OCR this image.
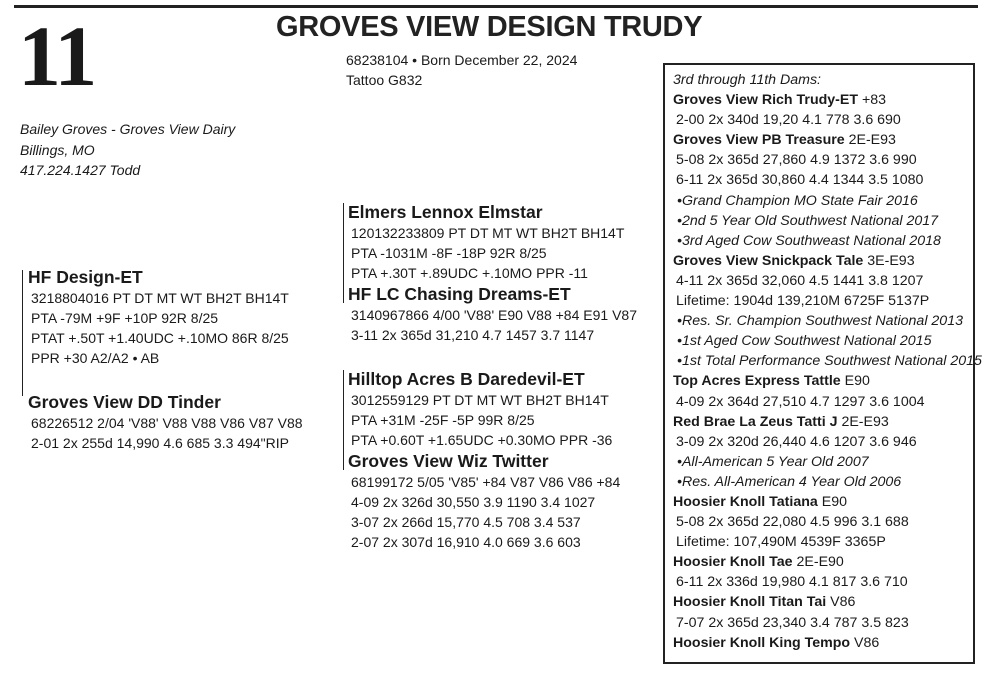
11	GROVES VIEW DESIGN TRUDY
68238104 • Born December 22, 2024
Tattoo G832
Bailey Groves - Groves View Dairy
Billings, MO
417.224.1427 Todd
HF Design-ET
3218804016 PT DT MT WT BH2T BH14T
PTA -79M +9F +10P 92R 8/25
PTAT +.50T +1.40UDC +.10MO 86R 8/25
PPR +30 A2/A2 • AB
Groves View DD Tinder
68226512 2/04 'V88' V88 V88 V86 V87 V88
2-01 2x 255d 14,990 4.6 685 3.3 494"RIP
Elmers Lennox Elmstar
120132233809 PT DT MT WT BH2T BH14T
PTA -1031M -8F -18P 92R 8/25
PTA +.30T +.89UDC +.10MO PPR -11
HF LC Chasing Dreams-ET
3140967866 4/00 'V88' E90 V88 +84 E91 V87
3-11 2x 365d 31,210 4.7 1457 3.7 1147
Hilltop Acres B Daredevil-ET
3012559129 PT DT MT WT BH2T BH14T
PTA +31M -25F -5P 99R 8/25
PTA +0.60T +1.65UDC +0.30MO PPR -36
Groves View Wiz Twitter
68199172 5/05 'V85' +84 V87 V86 V86 +84
4-09 2x 326d 30,550 3.9 1190 3.4 1027
3-07 2x 266d 15,770 4.5 708 3.4 537
2-07 2x 307d 16,910 4.0 669 3.6 603
3rd through 11th Dams:
Groves View Rich Trudy-ET +83
2-00 2x 340d 19,20 4.1 778 3.6 690
Groves View PB Treasure 2E-E93
5-08 2x 365d 27,860 4.9 1372 3.6 990
6-11 2x 365d 30,860 4.4 1344 3.5 1080
•Grand Champion MO State Fair 2016
•2nd 5 Year Old Southwest National 2017
•3rd Aged Cow Southweast National 2018
Groves View Snickpack Tale 3E-E93
4-11 2x 365d 32,060 4.5 1441 3.8 1207
Lifetime: 1904d 139,210M 6725F 5137P
•Res. Sr. Champion Southwest National 2013
•1st Aged Cow Southwest National 2015
•1st Total Performance Southwest National 2015
Top Acres Express Tattle E90
4-09 2x 364d 27,510 4.7 1297 3.6 1004
Red Brae La Zeus Tatti J 2E-E93
3-09 2x 320d 26,440 4.6 1207 3.6 946
•All-American 5 Year Old 2007
•Res. All-American 4 Year Old 2006
Hoosier Knoll Tatiana E90
5-08 2x 365d 22,080 4.5 996 3.1 688
Lifetime: 107,490M 4539F 3365P
Hoosier Knoll Tae 2E-E90
6-11 2x 336d 19,980 4.1 817 3.6 710
Hoosier Knoll Titan Tai V86
7-07 2x 365d 23,340 3.4 787 3.5 823
Hoosier Knoll King Tempo V86
